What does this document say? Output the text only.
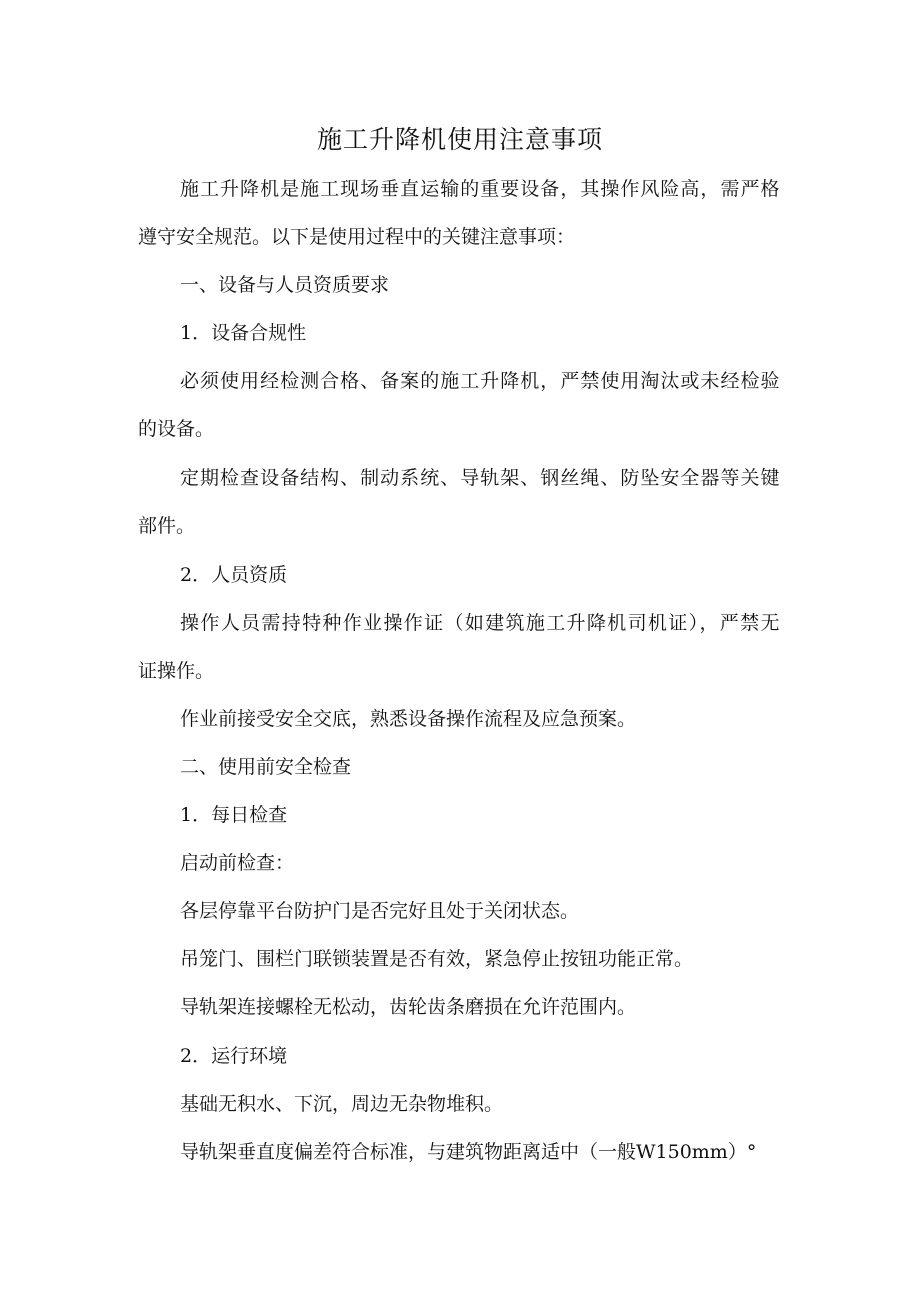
施工升降机使用注意事项
施工升降机是施工现场垂直运输的重要设备，其操作风险高，需严格
遵守安全规范。以下是使用过程中的关键注意事项：
一、设备与人员资质要求
1．设备合规性
必须使用经检测合格、备案的施工升降机，严禁使用淘汰或未经检验
的设备。
定期检查设备结构、制动系统、导轨架、钢丝绳、防坠安全器等关键
部件。
2．人员资质
操作人员需持特种作业操作证（如建筑施工升降机司机证），严禁无
证操作。
作业前接受安全交底，熟悉设备操作流程及应急预案。
二、使用前安全检查
1．每日检查
启动前检查：
各层停靠平台防护门是否完好且处于关闭状态。
吊笼门、围栏门联锁装置是否有效，紧急停止按钮功能正常。
导轨架连接螺栓无松动，齿轮齿条磨损在允许范围内。
2．运行环境
基础无积水、下沉，周边无杂物堆积。
导轨架垂直度偏差符合标准，与建筑物距离适中（一般W150mm）°
